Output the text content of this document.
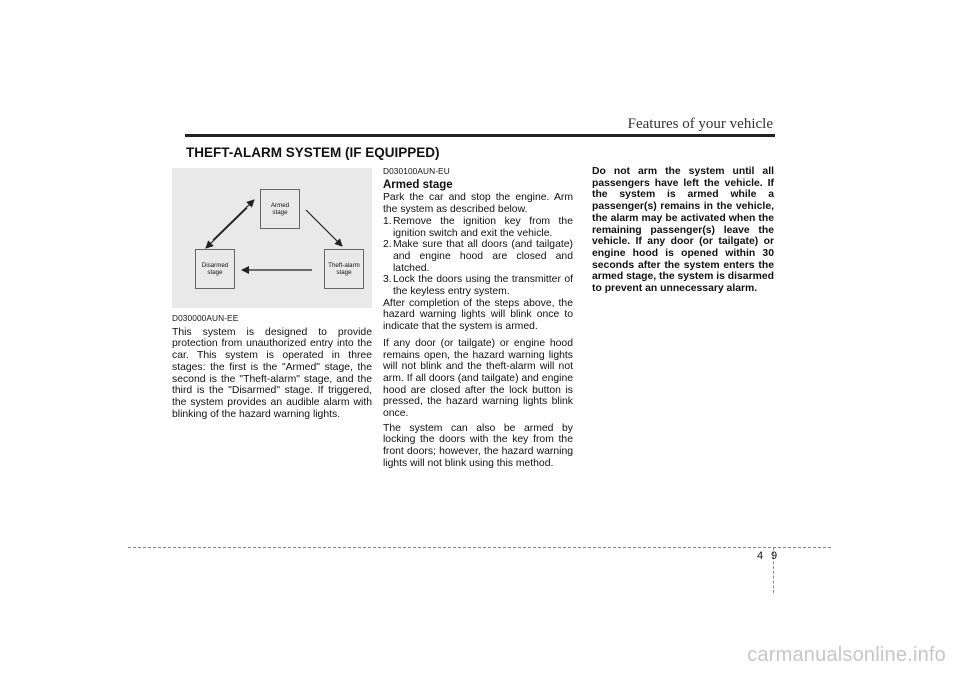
Features of your vehicle
THEFT-ALARM SYSTEM (IF EQUIPPED)
Armed
stage
Disarmed
stage
Theft-alarm
stage
D030000AUN-EE

This system is designed to provide protection from unauthorized entry into the car. This system is operated in three stages: the first is the "Armed" stage, the second is the "Theft-alarm" stage, and the third is the "Disarmed" stage. If triggered, the system provides an audible alarm with blinking of the hazard warning lights.

D030100AUN-EU
Armed stage

Park the car and stop the engine. Arm the system as described below.

1. Remove the ignition key from the ignition switch and exit the vehicle.
2. Make sure that all doors (and tailgate) and engine hood are closed and latched.
3. Lock the doors using the transmitter of the keyless entry system.

After completion of the steps above, the hazard warning lights will blink once to indicate that the system is armed.

If any door (or tailgate) or engine hood remains open, the hazard warning lights will not blink and the theft-alarm will not arm. If all doors (and tailgate) and engine hood are closed after the lock button is pressed, the hazard warning lights blink once.

The system can also be armed by locking the doors with the key from the front doors; however, the hazard warning lights will not blink using this method.

Do not arm the system until all passengers have left the vehicle. If the system is armed while a passenger(s) remains in the vehicle, the alarm may be activated when the remaining passenger(s) leave the vehicle. If any door (or tailgate) or engine hood is opened within 30 seconds after the system enters the armed stage, the system is disarmed to prevent an unnecessary alarm.

4 9
carmanualsonline.info
